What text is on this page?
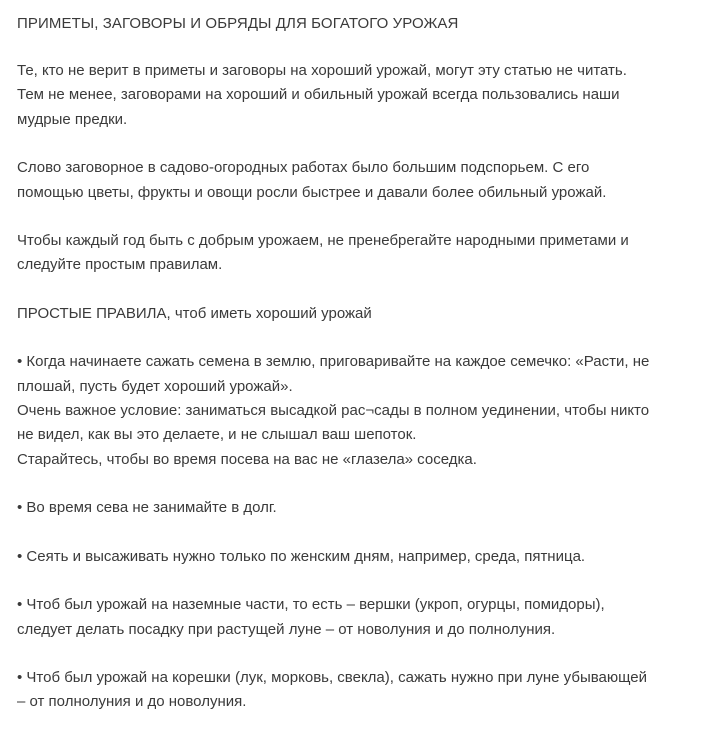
ПРИМЕТЫ, ЗАГОВОРЫ И ОБРЯДЫ ДЛЯ БОГАТОГО УРОЖАЯ

Те, кто не верит в приметы и заговоры на хороший урожай, могут эту статью не читать.
Тем не менее, заговорами на хороший и обильный урожай всегда пользовались наши
мудрые предки.

Слово заговорное в садово-огородных работах было большим подспорьем. С его
помощью цветы, фрукты и овощи росли быстрее и давали более обильный урожай.

Чтобы каждый год быть с добрым урожаем, не пренебрегайте народными приметами и
следуйте простым правилам.

ПРОСТЫЕ ПРАВИЛА, чтоб иметь хороший урожай

• Когда начинаете сажать семена в землю, приговаривайте на каждое семечко: «Расти, не
плошай, пусть будет хороший урожай».
Очень важное условие: заниматься высадкой рас¬сады в полном уединении, чтобы никто
не видел, как вы это делаете, и не слышал ваш шепоток.
Старайтесь, чтобы во время посева на вас не «глазела» соседка.

• Во время сева не занимайте в долг.

• Сеять и высаживать нужно только по женским дням, например, среда, пятница.

• Чтоб был урожай на наземные части, то есть – вершки (укроп, огурцы, помидоры),
следует делать посадку при растущей луне – от новолуния и до полнолуния.

• Чтоб был урожай на корешки (лук, морковь, свекла), сажать нужно при луне убывающей
– от полнолуния и до новолуния.
